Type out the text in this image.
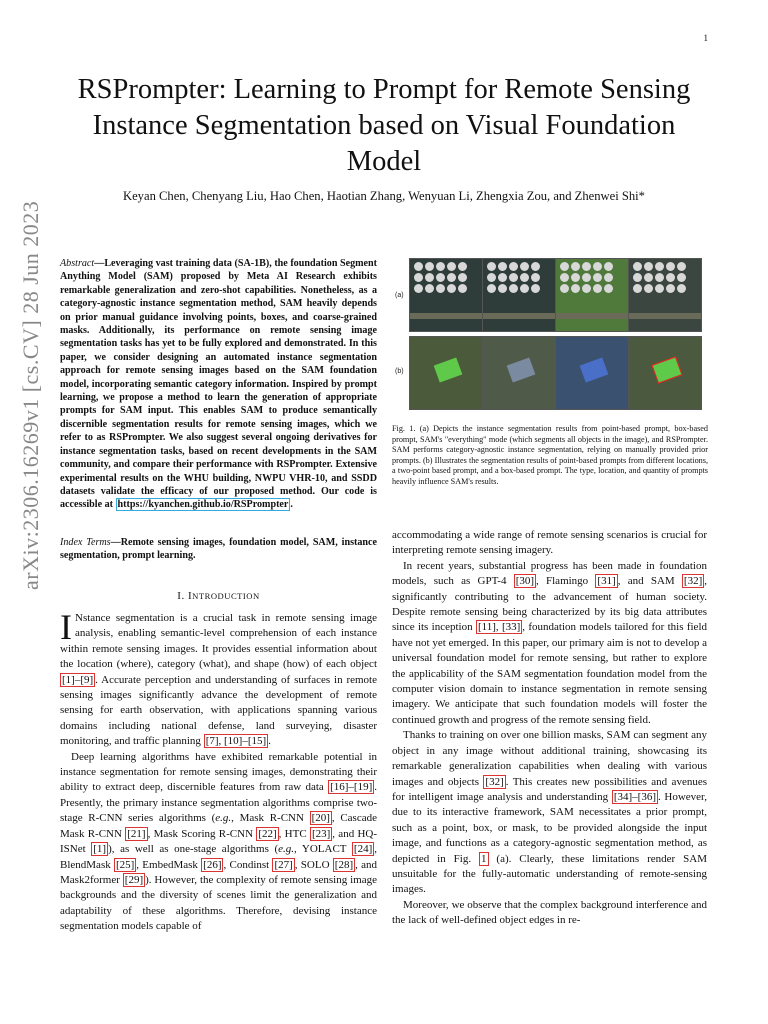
1
arXiv:2306.16269v1 [cs.CV] 28 Jun 2023
RSPrompter: Learning to Prompt for Remote Sensing Instance Segmentation based on Visual Foundation Model
Keyan Chen, Chenyang Liu, Hao Chen, Haotian Zhang, Wenyuan Li, Zhengxia Zou, and Zhenwei Shi*
Abstract—Leveraging vast training data (SA-1B), the foundation Segment Anything Model (SAM) proposed by Meta AI Research exhibits remarkable generalization and zero-shot capabilities. Nonetheless, as a category-agnostic instance segmentation method, SAM heavily depends on prior manual guidance involving points, boxes, and coarse-grained masks. Additionally, its performance on remote sensing image segmentation tasks has yet to be fully explored and demonstrated. In this paper, we consider designing an automated instance segmentation approach for remote sensing images based on the SAM foundation model, incorporating semantic category information. Inspired by prompt learning, we propose a method to learn the generation of appropriate prompts for SAM input. This enables SAM to produce semantically discernible segmentation results for remote sensing images, which we refer to as RSPrompter. We also suggest several ongoing derivatives for instance segmentation tasks, based on recent developments in the SAM community, and compare their performance with RSPrompter. Extensive experimental results on the WHU building, NWPU VHR-10, and SSDD datasets validate the efficacy of our proposed method. Our code is accessible at https://kyanchen.github.io/RSPrompter .
Index Terms—Remote sensing images, foundation model, SAM, instance segmentation, prompt learning.
I. INTRODUCTION

I Nstance segmentation is a crucial task in remote sensing image analysis, enabling semantic-level comprehension of each instance within remote sensing images. It provides essential information about the location (where), category (what), and shape (how) of each object [1]–[9] . Accurate perception and understanding of surfaces in remote sensing images significantly advance the development of remote sensing for earth observation, with applications spanning various domains including national defense, land surveying, disaster monitoring, and traffic planning [7], [10]–[15] .

Deep learning algorithms have exhibited remarkable potential in instance segmentation for remote sensing images, demonstrating their ability to extract deep, discernible features from raw data [16]–[19] . Presently, the primary instance segmentation algorithms comprise two-stage R-CNN series algorithms (e.g., Mask R-CNN [20] , Cascade Mask R-CNN [21] , Mask Scoring R-CNN [22] , HTC [23] , and HQ-ISNet [1] ), as well as one-stage algorithms (e.g., YOLACT [24] , BlendMask [25] , EmbedMask [26] , Condinst [27] , SOLO [28] , and Mask2former [29] ). However, the complexity of remote sensing image backgrounds and the diversity of scenes limit the generalization and adaptability of these algorithms. Therefore, devising instance segmentation models capable of

(a)
(b)
Fig. 1. (a) Depicts the instance segmentation results from point-based prompt, box-based prompt, SAM's "everything" mode (which segments all objects in the image), and RSPrompter. SAM performs category-agnostic instance segmentation, relying on manually provided prior prompts. (b) Illustrates the segmentation results of point-based prompts from different locations, a two-point based prompt, and a box-based prompt. The type, location, and quantity of prompts heavily influence SAM's results.

accommodating a wide range of remote sensing scenarios is crucial for interpreting remote sensing imagery.

In recent years, substantial progress has been made in foundation models, such as GPT-4 [30] , Flamingo [31] , and SAM [32] , significantly contributing to the advancement of human society. Despite remote sensing being characterized by its big data attributes since its inception [11], [33] , foundation models tailored for this field have not yet emerged. In this paper, our primary aim is not to develop a universal foundation model for remote sensing, but rather to explore the applicability of the SAM segmentation foundation model from the computer vision domain to instance segmentation in remote sensing imagery. We anticipate that such foundation models will foster the continued growth and progress of the remote sensing field.

Thanks to training on over one billion masks, SAM can segment any object in any image without additional training, showcasing its remarkable generalization capabilities when dealing with various images and objects [32] . This creates new possibilities and avenues for intelligent image analysis and understanding [34]–[36] . However, due to its interactive framework, SAM necessitates a prior prompt, such as a point, box, or mask, to be provided alongside the input image, and functions as a category-agnostic segmentation method, as depicted in Fig. 1 (a). Clearly, these limitations render SAM unsuitable for the fully-automatic understanding of remote-sensing images.

Moreover, we observe that the complex background interference and the lack of well-defined object edges in re-
